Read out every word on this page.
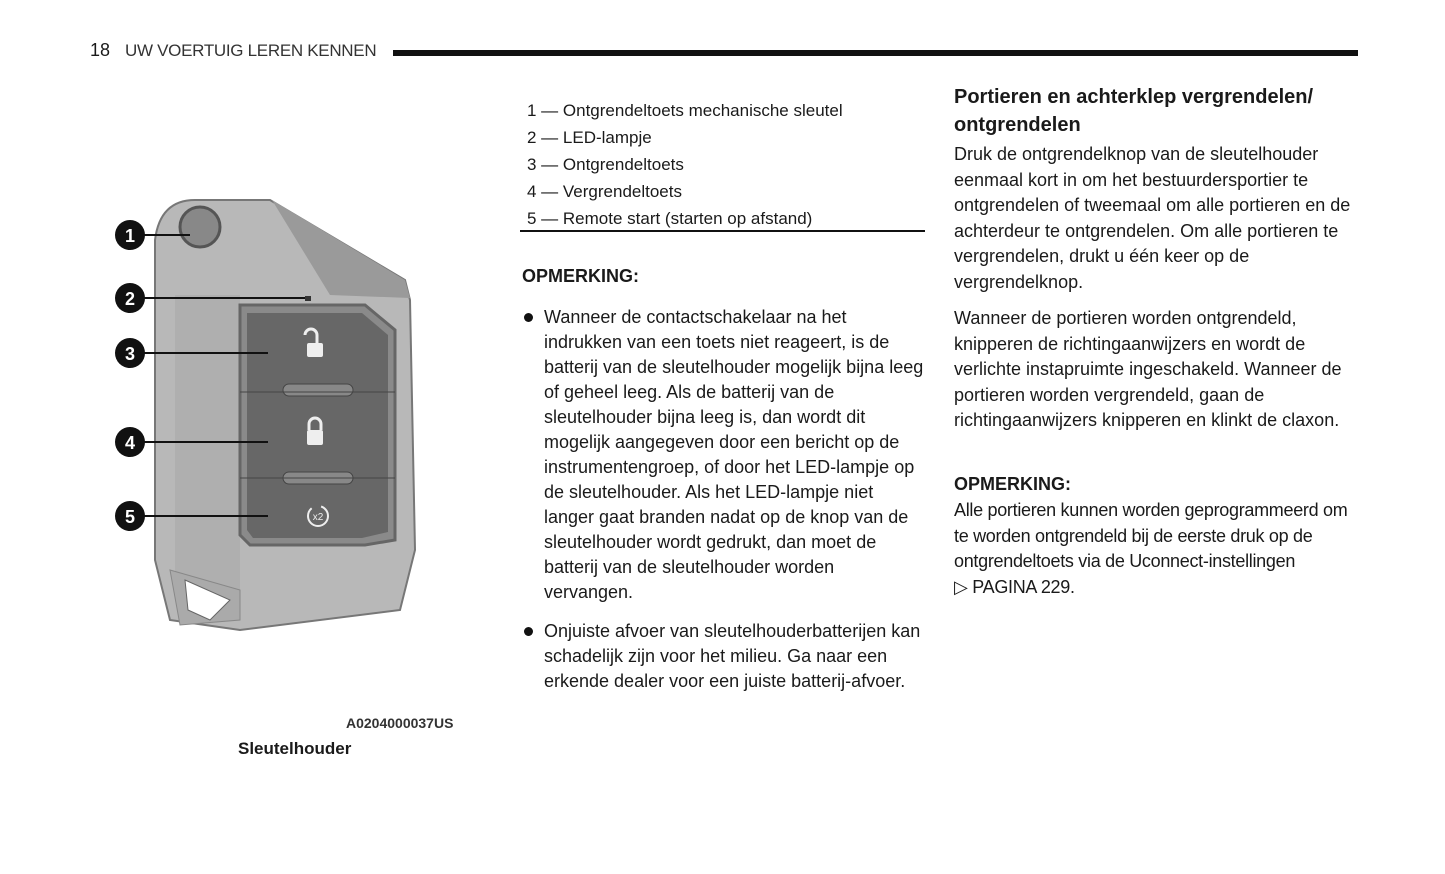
18 UW VOERTUIG LEREN KENNEN
x2
1
2
3
4
5
A0204000037US
Sleutelhouder
1 — Ontgrendeltoets mechanische sleutel
2 — LED-lampje
3 — Ontgrendeltoets
4 — Vergrendeltoets
5 — Remote start (starten op afstand)
OPMERKING:
Wanneer de contactschakelaar na het indrukken van een toets niet reageert, is de batterij van de sleutelhouder mogelijk bijna leeg of geheel leeg. Als de batterij van de sleutelhouder bijna leeg is, dan wordt dit mogelijk aangegeven door een bericht op de instrumentengroep, of door het LED-lampje op de sleutelhouder. Als het LED-lampje niet langer gaat branden nadat op de knop van de sleutelhouder wordt gedrukt, dan moet de batterij van de sleutelhouder worden vervangen.
Onjuiste afvoer van sleutelhouderbatterijen kan schadelijk zijn voor het milieu. Ga naar een erkende dealer voor een juiste batterij-afvoer.
Portieren en achterklep vergrendelen/ ontgrendelen

Druk de ontgrendelknop van de sleutelhouder eenmaal kort in om het bestuurdersportier te ontgrendelen of tweemaal om alle portieren en de achterdeur te ontgrendelen. Om alle portieren te vergrendelen, drukt u één keer op de vergrendelknop.

Wanneer de portieren worden ontgrendeld, knipperen de richtingaanwijzers en wordt de verlichte instapruimte ingeschakeld. Wanneer de portieren worden vergrendeld, gaan de richtingaanwijzers knipperen en klinkt de claxon.

OPMERKING:

Alle portieren kunnen worden geprogrammeerd om te worden ontgrendeld bij de eerste druk op de ontgrendeltoets via de Uconnect-instellingen
▷ PAGINA 229.
